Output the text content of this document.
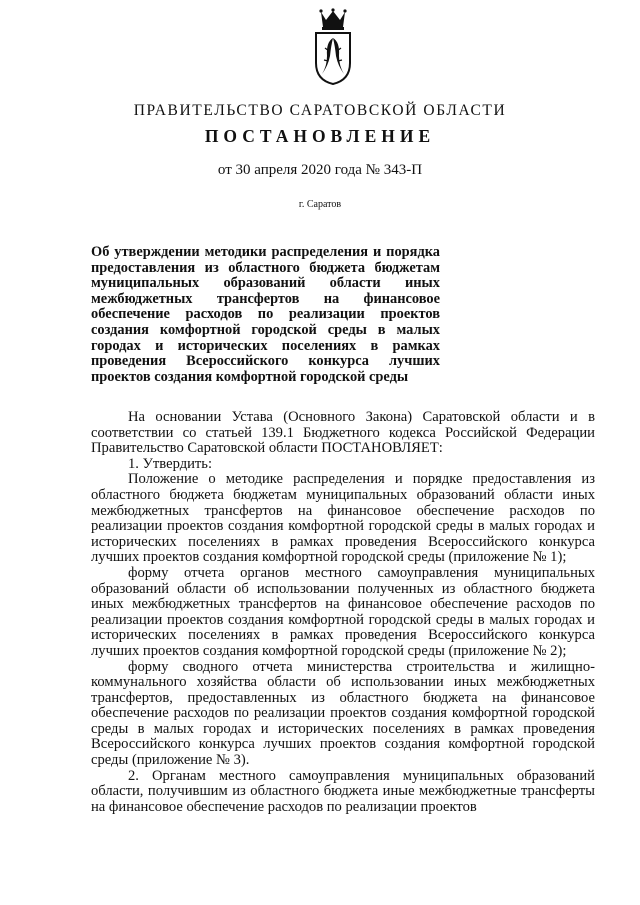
ПРАВИТЕЛЬСТВО САРАТОВСКОЙ ОБЛАСТИ
ПОСТАНОВЛЕНИЕ
от 30 апреля 2020 года № 343-П
г. Саратов
Об утверждении методики распределения и порядка предоставления из областного бюджета бюджетам муниципальных образований области иных межбюджетных трансфертов на финансовое обеспечение расходов по реализации проектов создания комфортной городской среды в малых городах и исторических поселениях в рамках проведения Всероссийского конкурса лучших проектов создания комфортной городской среды

На основании Устава (Основного Закона) Саратовской области и в соответствии со статьей 139.1 Бюджетного кодекса Российской Федерации Правительство Саратовской области ПОСТАНОВЛЯЕТ:

1. Утвердить:

Положение о методике распределения и порядке предоставления из областного бюджета бюджетам муниципальных образований области иных межбюджетных трансфертов на финансовое обеспечение расходов по реализации проектов создания комфортной городской среды в малых городах и исторических поселениях в рамках проведения Всероссийского конкурса лучших проектов создания комфортной городской среды (приложение № 1);

форму отчета органов местного самоуправления муниципальных образований области об использовании полученных из областного бюджета иных межбюджетных трансфертов на финансовое обеспечение расходов по реализации проектов создания комфортной городской среды в малых городах и исторических поселениях в рамках проведения Всероссийского конкурса лучших проектов создания комфортной городской среды (приложение № 2);

форму сводного отчета министерства строительства и жилищно-коммунального хозяйства области об использовании иных межбюджетных трансфертов, предоставленных из областного бюджета на финансовое обеспечение расходов по реализации проектов создания комфортной городской среды в малых городах и исторических поселениях в рамках проведения Всероссийского конкурса лучших проектов создания комфортной городской среды (приложение № 3).

2. Органам местного самоуправления муниципальных образований области, получившим из областного бюджета иные межбюджетные трансферты на финансовое обеспечение расходов по реализации проектов
